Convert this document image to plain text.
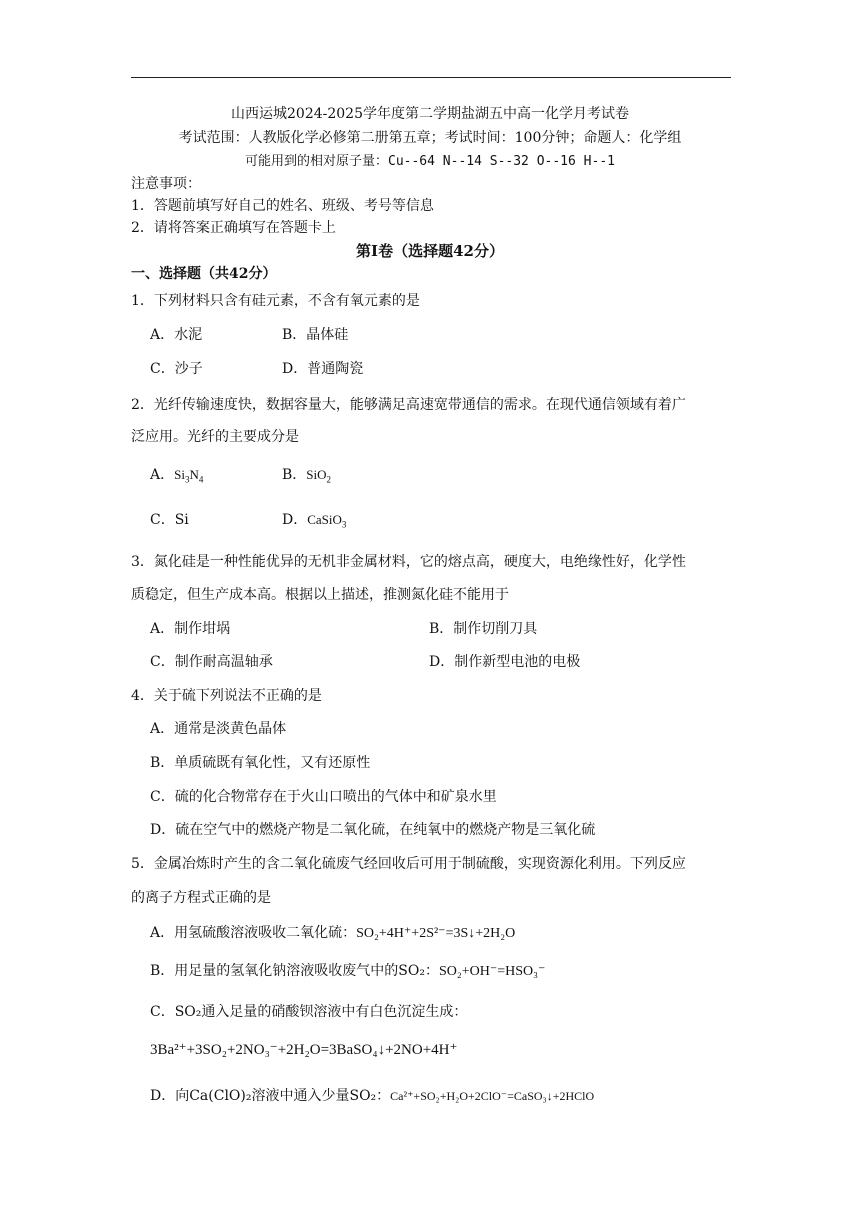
山西运城2024-2025学年度第二学期盐湖五中高一化学月考试卷
考试范围：人教版化学必修第二册第五章；考试时间：100分钟；命题人：化学组
可能用到的相对原子量：Cu--64 N--14 S--32 O--16 H--1
注意事项：
1．答题前填写好自己的姓名、班级、考号等信息
2．请将答案正确填写在答题卡上
第I卷（选择题42分）
一、选择题（共42分）
1．下列材料只含有硅元素，不含有氧元素的是
A．水泥	B．晶体硅
C．沙子	D．普通陶瓷
2．光纤传输速度快，数据容量大，能够满足高速宽带通信的需求。在现代通信领域有着广
泛应用。光纤的主要成分是
A．$Si_3N_4$	B．SiO$_2$
C．Si	D．CaSiO$_3$
3．氮化硅是一种性能优异的无机非金属材料，它的熔点高，硬度大，电绝缘性好，化学性
质稳定，但生产成本高。根据以上描述，推测氮化硅不能用于
A．制作坩埚	B．制作切削刀具
C．制作耐高温轴承	D．制作新型电池的电极
4．关于硫下列说法不正确的是
A．通常是淡黄色晶体
B．单质硫既有氧化性，又有还原性
C．硫的化合物常存在于火山口喷出的气体中和矿泉水里
D．硫在空气中的燃烧产物是二氧化硫，在纯氧中的燃烧产物是三氧化硫
5．金属冶炼时产生的含二氧化硫废气经回收后可用于制硫酸，实现资源化利用。下列反应
的离子方程式正确的是
A．用氢硫酸溶液吸收二氧化硫：SO₂+4H⁺+2S²⁻=3S↓+2H₂O
B．用足量的氢氧化钠溶液吸收废气中的SO₂：SO₂+OH⁻=HSO₃⁻
C．SO₂通入足量的硝酸钡溶液中有白色沉淀生成：
3Ba²⁺+3SO₂+2NO₃⁻+2H₂O=3BaSO₄↓+2NO+4H⁺
D．向Ca(ClO)₂溶液中通入少量SO₂：Ca²⁺+SO₂+H₂O+2ClO⁻=CaSO₃↓+2HClO
